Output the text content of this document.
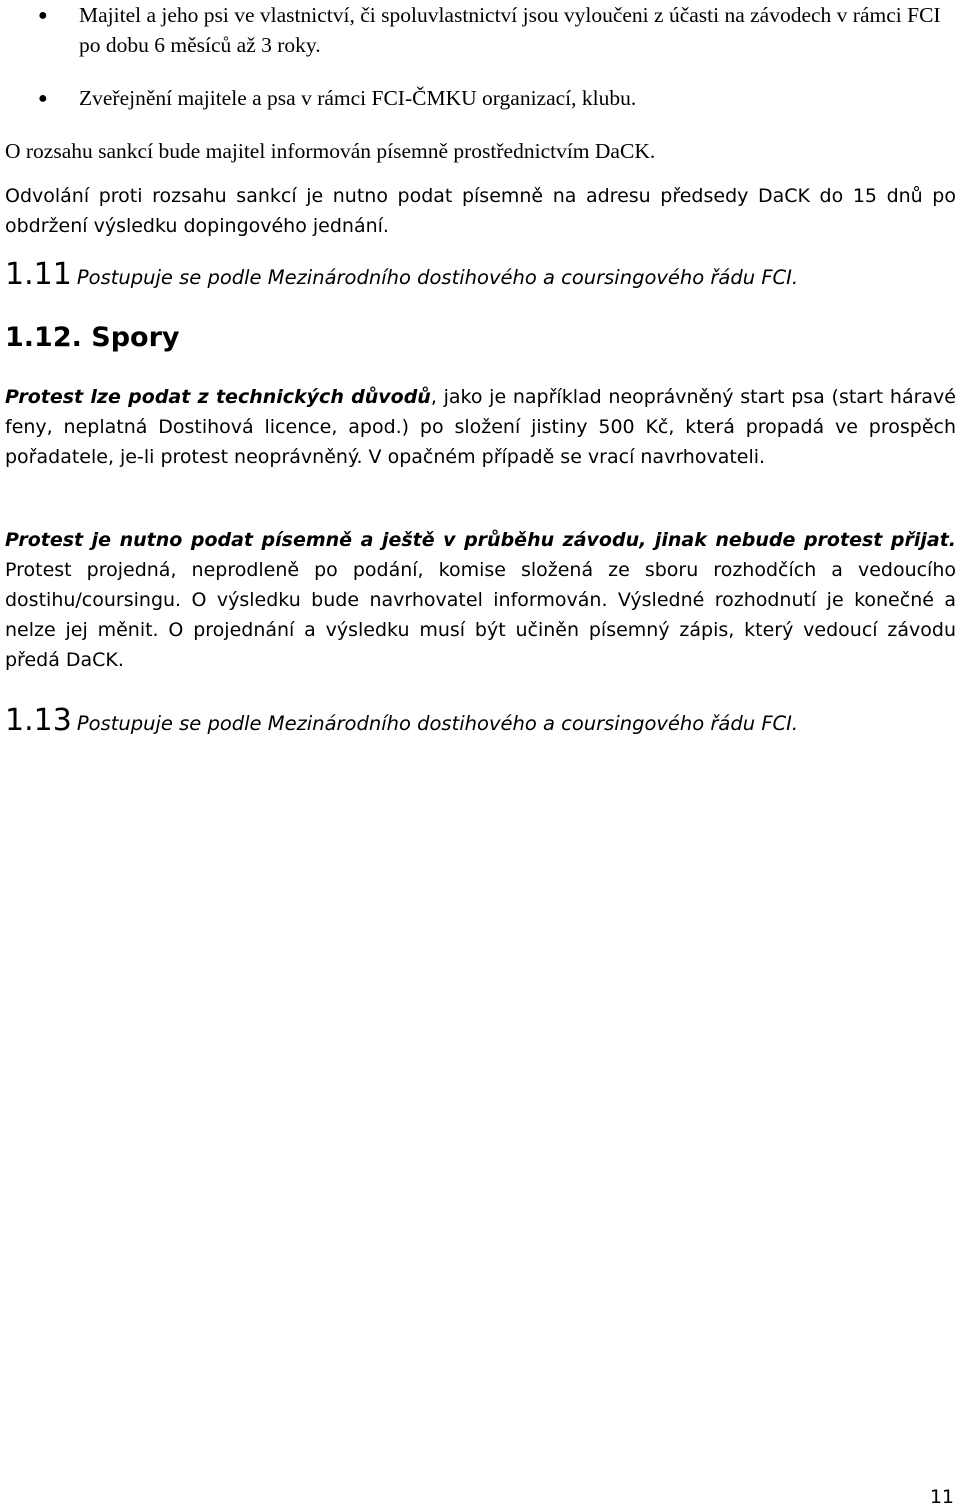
● Majitel a jeho psi ve vlastnictví, či spoluvlastnictví jsou vyloučeni z účasti na závodech v rámci FCI po dobu 6 měsíců až 3 roky.
● Zveřejnění majitele a psa v rámci FCI-ČMKU organizací, klubu.
O rozsahu sankcí bude majitel informován písemně prostřednictvím DaCK.
Odvolání proti rozsahu sankcí je nutno podat písemně na adresu předsedy DaCK do 15 dnů po obdržení výsledku dopingového jednání.
1.11 Postupuje se podle Mezinárodního dostihového a coursingového řádu FCI.
1.12. Spory
Protest lze podat z technických důvodů, jako je například neoprávněný start psa (start háravé feny, neplatná Dostihová licence, apod.) po složení jistiny 500 Kč, která propadá ve prospěch pořadatele, je-li protest neoprávněný. V opačném případě se vrací navrhovateli.
Protest je nutno podat písemně a ještě v průběhu závodu, jinak nebude protest přijat. Protest projedná, neprodleně po podání, komise složená ze sboru rozhodčích a vedoucího dostihu/coursingu. O výsledku bude navrhovatel informován. Výsledné rozhodnutí je konečné a nelze jej měnit. O projednání a výsledku musí být učiněn písemný zápis, který vedoucí závodu předá DaCK.
1.13 Postupuje se podle Mezinárodního dostihového a coursingového řádu FCI.
11
